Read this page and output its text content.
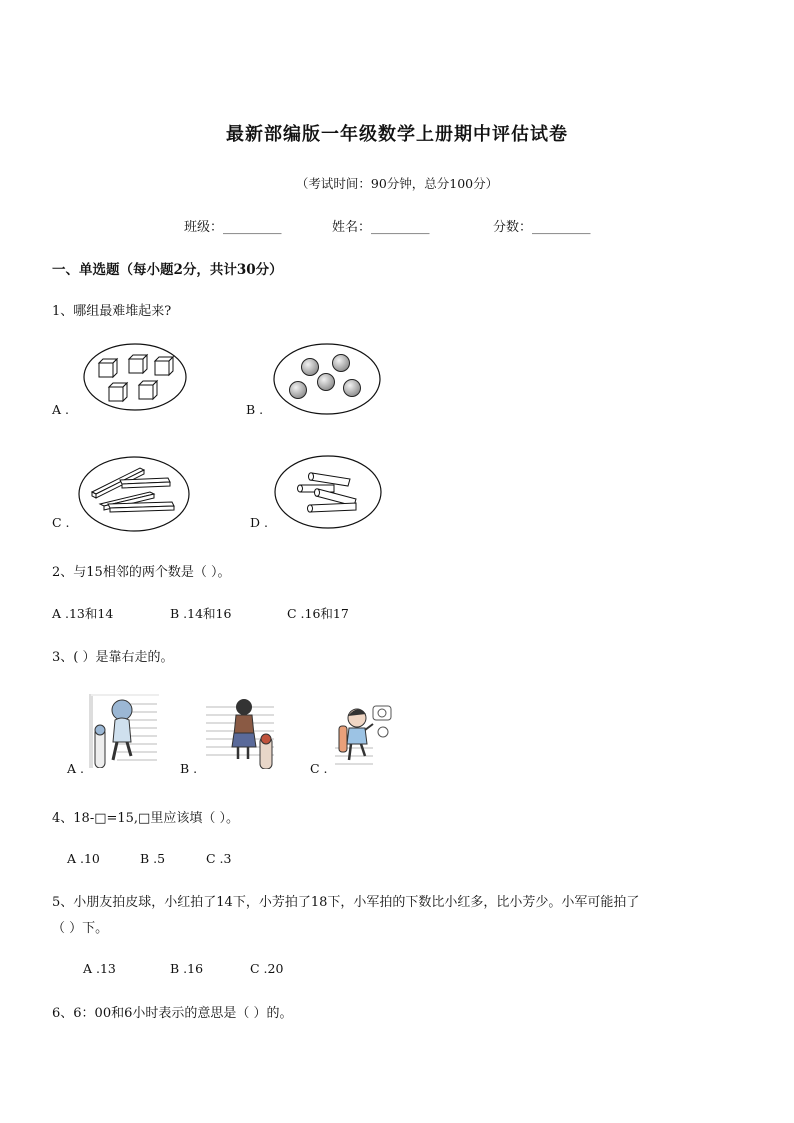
最新部编版一年级数学上册期中评估试卷
（考试时间：90分钟，总分100分）
班级：_________	姓名：_________	分数：_________
一、单选题（每小题2分，共计30分）
1、哪组最难堆起来?
A .	B .
C .	D .
2、与15相邻的两个数是（ ）。
A .13和14	B .14和16	C .16和17
3、( ）是靠右走的。
A .	B .	C .
4、18-□=15,□里应该填（ ）。
A .10	B .5	C .3
5、小朋友拍皮球，小红拍了14下，小芳拍了18下，小军拍的下数比小红多，比小芳少。小军可能拍了
（ ）下。
A .13	B .16	C .20
6、6：00和6小时表示的意思是（ ）的。
